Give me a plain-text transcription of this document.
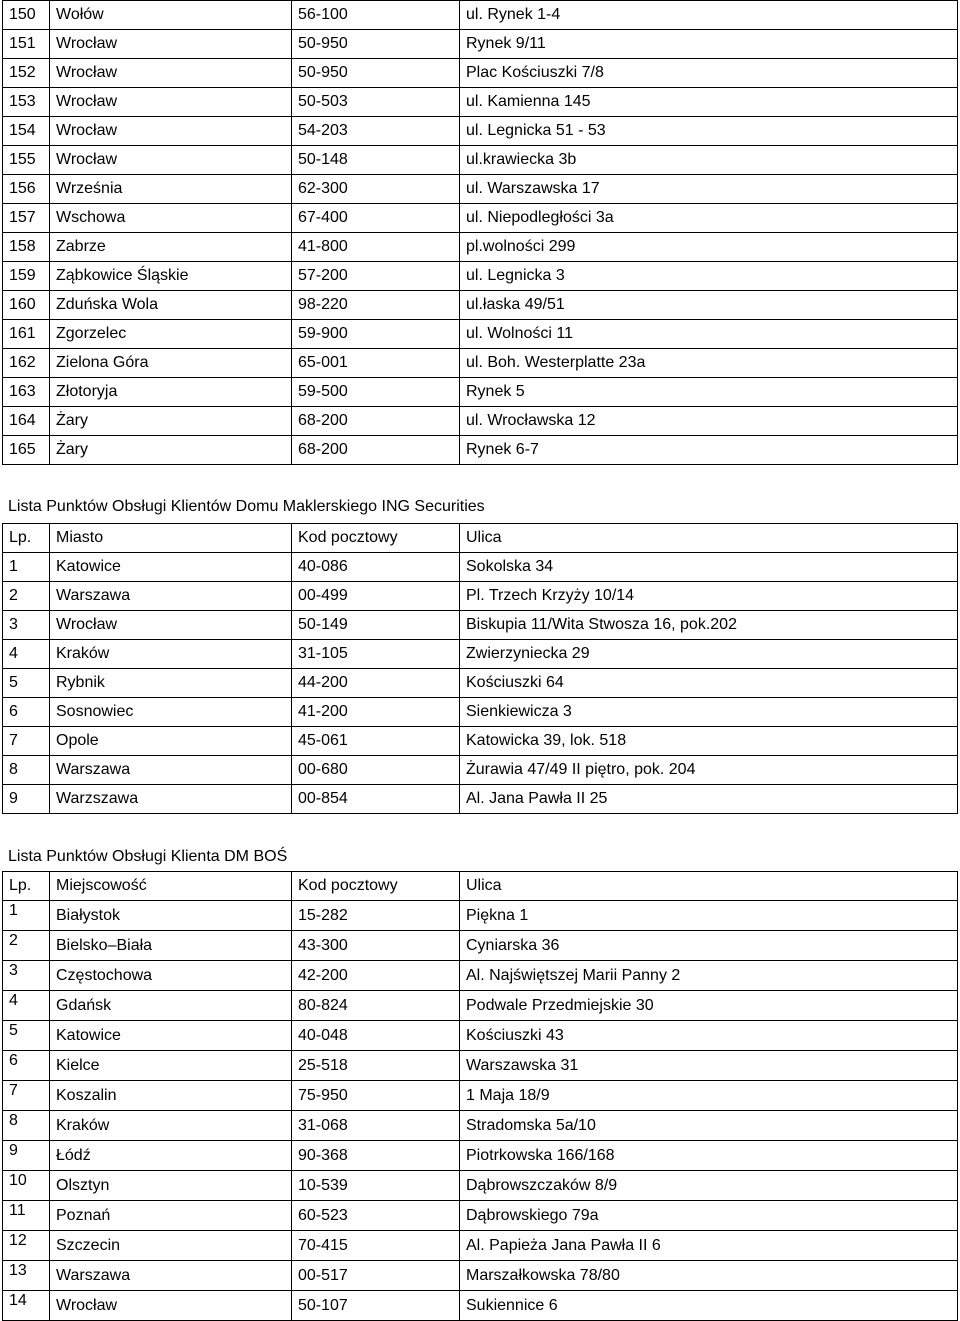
150	Wołów	56-100	ul. Rynek 1-4
151	Wrocław	50-950	Rynek 9/11
152	Wrocław	50-950	Plac Kościuszki 7/8
153	Wrocław	50-503	ul. Kamienna 145
154	Wrocław	54-203	ul. Legnicka 51 - 53
155	Wrocław	50-148	ul.krawiecka 3b
156	Września	62-300	ul. Warszawska 17
157	Wschowa	67-400	ul. Niepodległości 3a
158	Zabrze	41-800	pl.wolności 299
159	Ząbkowice Śląskie	57-200	ul. Legnicka 3
160	Zduńska Wola	98-220	ul.łaska 49/51
161	Zgorzelec	59-900	ul. Wolności 11
162	Zielona Góra	65-001	ul. Boh. Westerplatte 23a
163	Złotoryja	59-500	Rynek 5
164	Żary	68-200	ul. Wrocławska 12
165	Żary	68-200	Rynek 6-7
Lista Punktów Obsługi Klientów Domu Maklerskiego ING Securities
Lp.	Miasto	Kod pocztowy	Ulica
1	Katowice	40-086	Sokolska 34
2	Warszawa	00-499	Pl. Trzech Krzyży 10/14
3	Wrocław	50-149	Biskupia 11/Wita Stwosza 16, pok.202
4	Kraków	31-105	Zwierzyniecka 29
5	Rybnik	44-200	Kościuszki 64
6	Sosnowiec	41-200	Sienkiewicza 3
7	Opole	45-061	Katowicka 39, lok. 518
8	Warszawa	00-680	Żurawia 47/49 II piętro, pok. 204
9	Warzszawa	00-854	Al. Jana Pawła II 25
Lista Punktów Obsługi Klienta DM BOŚ
Lp.	Miejscowość	Kod pocztowy	Ulica
1	Białystok	15-282	Piękna 1
2	Bielsko–Biała	43-300	Cyniarska 36
3	Częstochowa	42-200	Al. Najświętszej Marii Panny 2
4	Gdańsk	80-824	Podwale Przedmiejskie 30
5	Katowice	40-048	Kościuszki 43
6	Kielce	25-518	Warszawska 31
7	Koszalin	75-950	1 Maja 18/9
8	Kraków	31-068	Stradomska 5a/10
9	Łódź	90-368	Piotrkowska 166/168
10	Olsztyn	10-539	Dąbrowszczaków 8/9
11	Poznań	60-523	Dąbrowskiego 79a
12	Szczecin	70-415	Al. Papieża Jana Pawła II 6
13	Warszawa	00-517	Marszałkowska 78/80
14	Wrocław	50-107	Sukiennice 6
